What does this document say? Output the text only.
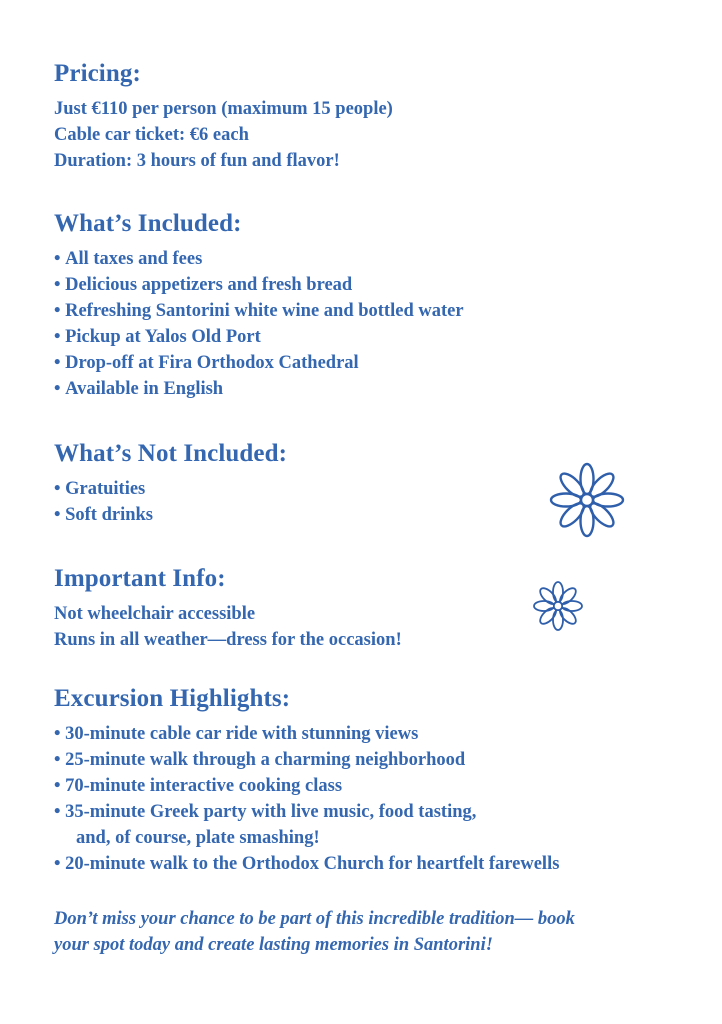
Pricing:

Just €110 per person (maximum 15 people)

Cable car ticket: €6 each

Duration: 3 hours of fun and flavor!

What’s Included:

• All taxes and fees

• Delicious appetizers and fresh bread

• Refreshing Santorini white wine and bottled water

• Pickup at Yalos Old Port

• Drop-off at Fira Orthodox Cathedral

• Available in English

What’s Not Included:

• Gratuities

• Soft drinks

Important Info:

Not wheelchair accessible

Runs in all weather—dress for the occasion!

Excursion Highlights:

• 30-minute cable car ride with stunning views

• 25-minute walk through a charming neighborhood

• 70-minute interactive cooking class

• 35-minute Greek party with live music, food tasting,

and, of course, plate smashing!

• 20-minute walk to the Orthodox Church for heartfelt farewells

Don’t miss your chance to be part of this incredible tradition— book

your spot today and create lasting memories in Santorini!
